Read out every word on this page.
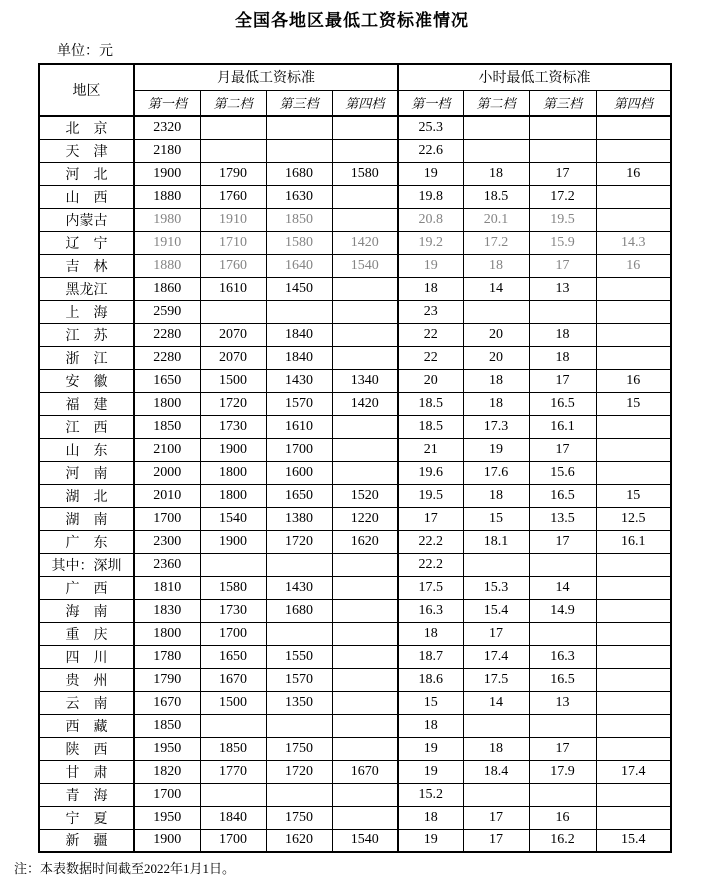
全国各地区最低工资标准情况
单位：元
地区	月最低工资标准				小时最低工资标准			
	第一档	第二档	第三档	第四档	第一档	第二档	第三档	第四档
北　京	2320				25.3			
天　津	2180				22.6			
河　北	1900	1790	1680	1580	19	18	17	16
山　西	1880	1760	1630		19.8	18.5	17.2	
内蒙古	1980	1910	1850		20.8	20.1	19.5	
辽　宁	1910	1710	1580	1420	19.2	17.2	15.9	14.3
吉　林	1880	1760	1640	1540	19	18	17	16
黑龙江	1860	1610	1450		18	14	13	
上　海	2590				23			
江　苏	2280	2070	1840		22	20	18	
浙　江	2280	2070	1840		22	20	18	
安　徽	1650	1500	1430	1340	20	18	17	16
福　建	1800	1720	1570	1420	18.5	18	16.5	15
江　西	1850	1730	1610		18.5	17.3	16.1	
山　东	2100	1900	1700		21	19	17	
河　南	2000	1800	1600		19.6	17.6	15.6	
湖　北	2010	1800	1650	1520	19.5	18	16.5	15
湖　南	1700	1540	1380	1220	17	15	13.5	12.5
广　东	2300	1900	1720	1620	22.2	18.1	17	16.1
其中：深圳	2360				22.2			
广　西	1810	1580	1430		17.5	15.3	14	
海　南	1830	1730	1680		16.3	15.4	14.9	
重　庆	1800	1700			18	17		
四　川	1780	1650	1550		18.7	17.4	16.3	
贵　州	1790	1670	1570		18.6	17.5	16.5	
云　南	1670	1500	1350		15	14	13	
西　藏	1850				18			
陕　西	1950	1850	1750		19	18	17	
甘　肃	1820	1770	1720	1670	19	18.4	17.9	17.4
青　海	1700				15.2			
宁　夏	1950	1840	1750		18	17	16	
新　疆	1900	1700	1620	1540	19	17	16.2	15.4
注：本表数据时间截至2022年1月1日。
